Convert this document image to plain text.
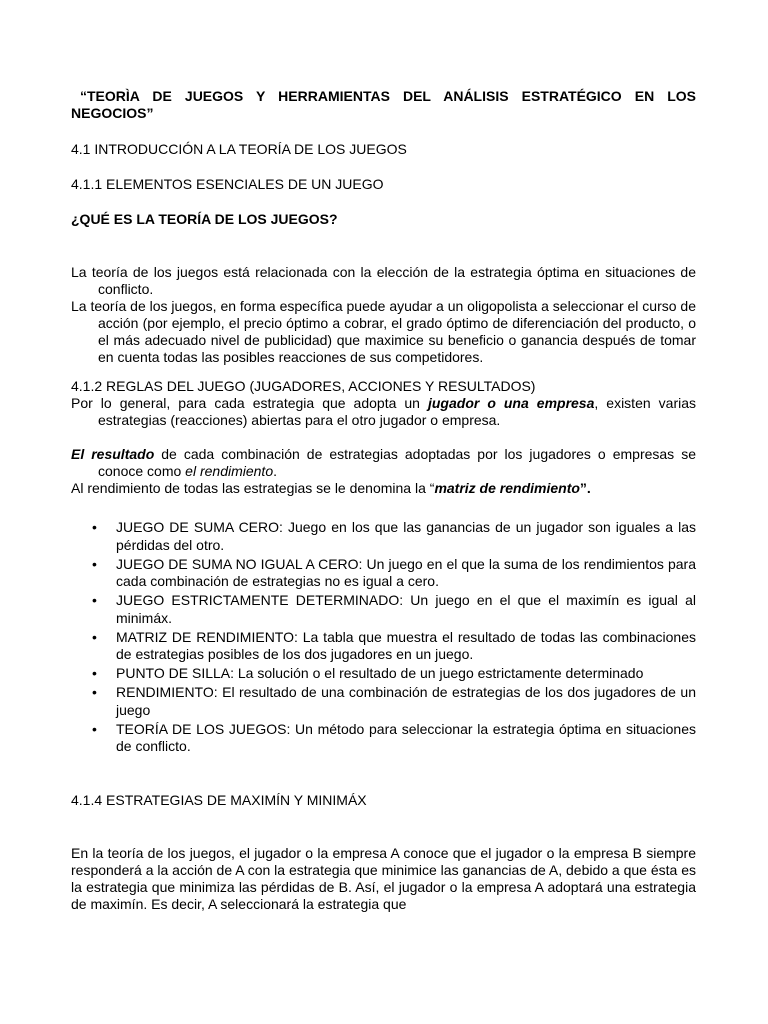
“TEORÌA DE JUEGOS Y HERRAMIENTAS DEL ANÁLISIS ESTRATÉGICO EN LOS NEGOCIOS”

4.1 INTRODUCCIÓN A LA TEORÍA DE LOS JUEGOS

4.1.1 ELEMENTOS ESENCIALES DE UN JUEGO

¿QUÉ ES LA TEORÍA DE LOS JUEGOS?

La teoría de los juegos está relacionada con la elección de la estrategia óptima en situaciones de conflicto.

La teoría de los juegos, en forma específica puede ayudar a un oligopolista a seleccionar el curso de acción (por ejemplo, el precio óptimo a cobrar, el grado óptimo de diferenciación del producto, o el más adecuado nivel de publicidad) que maximice su beneficio o ganancia después de tomar en cuenta todas las posibles reacciones de sus competidores.

4.1.2 REGLAS DEL JUEGO (JUGADORES, ACCIONES Y RESULTADOS)

Por lo general, para cada estrategia que adopta un jugador o una empresa, existen varias estrategias (reacciones) abiertas para el otro jugador o empresa.

El resultado de cada combinación de estrategias adoptadas por los jugadores o empresas se conoce como el rendimiento.

Al rendimiento de todas las estrategias se le denomina la “matriz de rendimiento”.

• JUEGO DE SUMA CERO: Juego en los que las ganancias de un jugador son iguales a las pérdidas del otro.
• JUEGO DE SUMA NO IGUAL A CERO: Un juego en el que la suma de los rendimientos para cada combinación de estrategias no es igual a cero.
• JUEGO ESTRICTAMENTE DETERMINADO: Un juego en el que el maximín es igual al minimáx.
• MATRIZ DE RENDIMIENTO: La tabla que muestra el resultado de todas las combinaciones de estrategias posibles de los dos jugadores en un juego.
• PUNTO DE SILLA: La solución o el resultado de un juego estrictamente determinado
• RENDIMIENTO: El resultado de una combinación de estrategias de los dos jugadores de un juego
• TEORÍA DE LOS JUEGOS: Un método para seleccionar la estrategia óptima en situaciones de conflicto.

4.1.4 ESTRATEGIAS DE MAXIMÍN Y MINIMÁX

En la teoría de los juegos, el jugador o la empresa A conoce que el jugador o la empresa B siempre responderá a la acción de A con la estrategia que minimice las ganancias de A, debido a que ésta es la estrategia que minimiza las pérdidas de B. Así, el jugador o la empresa A adoptará una estrategia de maximín. Es decir, A seleccionará la estrategia que
